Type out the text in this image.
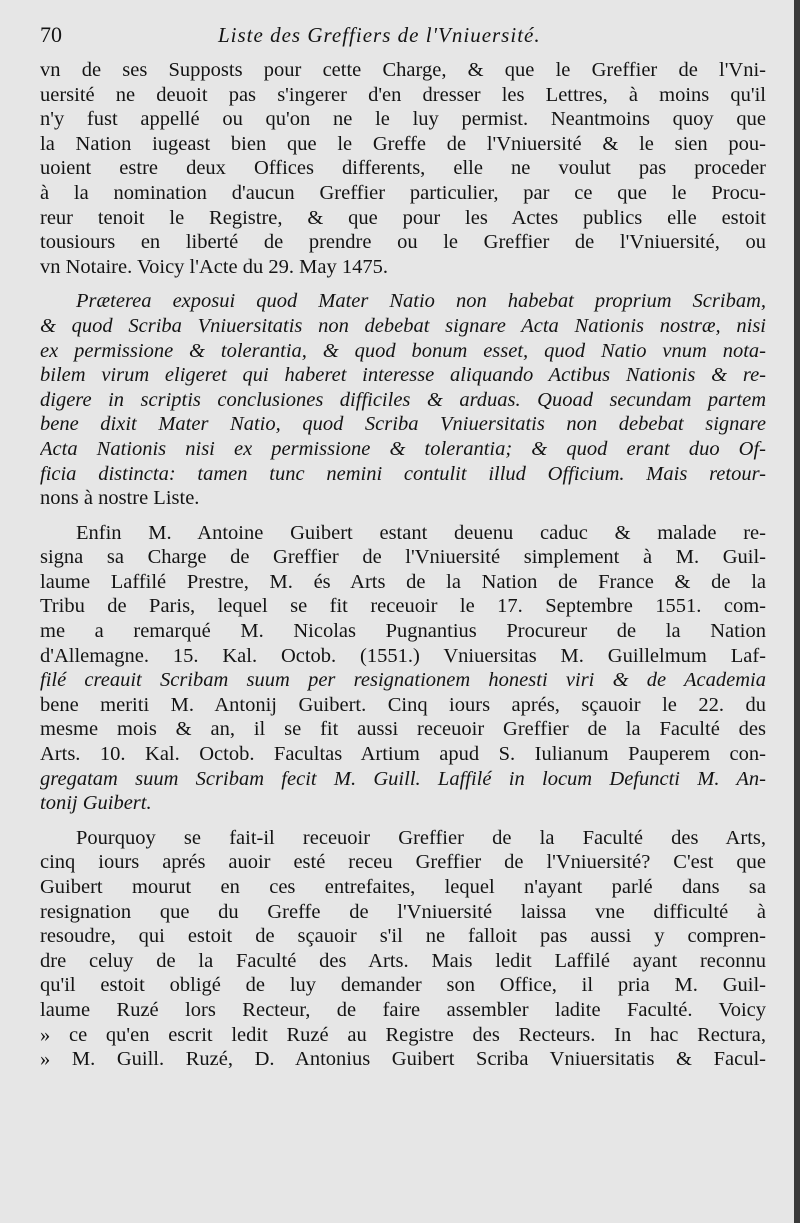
70	Liste des Greffiers de l'Vniuersité.
vn de ses Supposts pour cette Charge, & que le Greffier de l'Vni-
uersité ne deuoit pas s'ingerer d'en dresser les Lettres, à moins qu'il
n'y fust appellé ou qu'on ne le luy permist. Neantmoins quoy que
la Nation iugeast bien que le Greffe de l'Vniuersité & le sien pou-
uoient estre deux Offices differents, elle ne voulut pas proceder
à la nomination d'aucun Greffier particulier, par ce que le Procu-
reur tenoit le Registre, & que pour les Actes publics elle estoit
tousiours en liberté de prendre ou le Greffier de l'Vniuersité, ou
vn Notaire. Voicy l'Acte du 29. May 1475.
Præterea exposui quod Mater Natio non habebat proprium Scribam,
& quod Scriba Vniuersitatis non debebat signare Acta Nationis nostræ, nisi
ex permissione & tolerantia, & quod bonum esset, quod Natio vnum nota-
bilem virum eligeret qui haberet interesse aliquando Actibus Nationis & re-
digere in scriptis conclusiones difficiles & arduas. Quoad secundam partem
bene dixit Mater Natio, quod Scriba Vniuersitatis non debebat signare
Acta Nationis nisi ex permissione & tolerantia; & quod erant duo Of-
ficia distincta: tamen tunc nemini contulit illud Officium. Mais retour-
nons à nostre Liste.
Enfin M. Antoine Guibert estant deuenu caduc & malade re-
signa sa Charge de Greffier de l'Vniuersité simplement à M. Guil-
laume Laffilé Prestre, M. és Arts de la Nation de France & de la
Tribu de Paris, lequel se fit receuoir le 17. Septembre 1551. com-
me a remarqué M. Nicolas Pugnantius Procureur de la Nation
d'Allemagne. 15. Kal. Octob. (1551.) Vniuersitas M. Guillelmum Laf-
filé creauit Scribam suum per resignationem honesti viri & de Academia
bene meriti M. Antonij Guibert. Cinq iours aprés, sçauoir le 22. du
mesme mois & an, il se fit aussi receuoir Greffier de la Faculté des
Arts. 10. Kal. Octob. Facultas Artium apud S. Iulianum Pauperem con-
gregatam suum Scribam fecit M. Guill. Laffilé in locum Defuncti M. An-
tonij Guibert.
Pourquoy se fait-il receuoir Greffier de la Faculté des Arts,
cinq iours aprés auoir esté receu Greffier de l'Vniuersité? C'est que
Guibert mourut en ces entrefaites, lequel n'ayant parlé dans sa
resignation que du Greffe de l'Vniuersité laissa vne difficulté à
resoudre, qui estoit de sçauoir s'il ne falloit pas aussi y compren-
dre celuy de la Faculté des Arts. Mais ledit Laffilé ayant reconnu
qu'il estoit obligé de luy demander son Office, il pria M. Guil-
laume Ruzé lors Recteur, de faire assembler ladite Faculté. Voicy
» ce qu'en escrit ledit Ruzé au Registre des Recteurs. In hac Rectura,
» M. Guill. Ruzé, D. Antonius Guibert Scriba Vniuersitatis & Facul-
